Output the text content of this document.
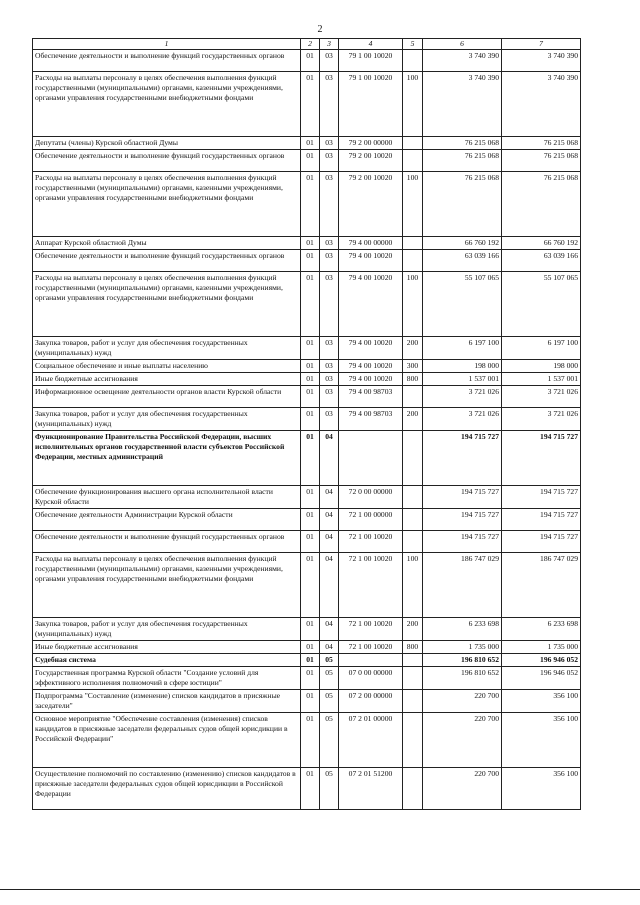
2
1	2	3	4	5	6	7
Обеспечение деятельности и выполнение функций государственных органов	01	03	79 1 00 10020		3 740 390	3 740 390
Расходы на выплаты персоналу в целях обеспечения выполнения функций государственными (муниципальными) органами, казенными учреждениями, органами управления государственными внебюджетными фондами	01	03	79 1 00 10020	100	3 740 390	3 740 390
Депутаты (члены) Курской областной Думы	01	03	79 2 00 00000		76 215 068	76 215 068
Обеспечение деятельности и выполнение функций государственных органов	01	03	79 2 00 10020		76 215 068	76 215 068
Расходы на выплаты персоналу в целях обеспечения выполнения функций государственными (муниципальными) органами, казенными учреждениями, органами управления государственными внебюджетными фондами	01	03	79 2 00 10020	100	76 215 068	76 215 068
Аппарат Курской областной Думы	01	03	79 4 00 00000		66 760 192	66 760 192
Обеспечение деятельности и выполнение функций государственных органов	01	03	79 4 00 10020		63 039 166	63 039 166
Расходы на выплаты персоналу в целях обеспечения выполнения функций государственными (муниципальными) органами, казенными учреждениями, органами управления государственными внебюджетными фондами	01	03	79 4 00 10020	100	55 107 065	55 107 065
Закупка товаров, работ и услуг для обеспечения государственных (муниципальных) нужд	01	03	79 4 00 10020	200	6 197 100	6 197 100
Социальное обеспечение и иные выплаты населению	01	03	79 4 00 10020	300	198 000	198 000
Иные бюджетные ассигнования	01	03	79 4 00 10020	800	1 537 001	1 537 001
Информационное освещение деятельности органов власти Курской области	01	03	79 4 00 98703		3 721 026	3 721 026
Закупка товаров, работ и услуг для обеспечения государственных (муниципальных) нужд	01	03	79 4 00 98703	200	3 721 026	3 721 026
Функционирование Правительства Российской Федерации, высших исполнительных органов государственной власти субъектов Российской Федерации, местных администраций	01	04			194 715 727	194 715 727
Обеспечение функционирования высшего органа исполнительной власти Курской области	01	04	72 0 00 00000		194 715 727	194 715 727
Обеспечение деятельности Администрации Курской области	01	04	72 1 00 00000		194 715 727	194 715 727
Обеспечение деятельности и выполнение функций государственных органов	01	04	72 1 00 10020		194 715 727	194 715 727
Расходы на выплаты персоналу в целях обеспечения выполнения функций государственными (муниципальными) органами, казенными учреждениями, органами управления государственными внебюджетными фондами	01	04	72 1 00 10020	100	186 747 029	186 747 029
Закупка товаров, работ и услуг для обеспечения государственных (муниципальных) нужд	01	04	72 1 00 10020	200	6 233 698	6 233 698
Иные бюджетные ассигнования	01	04	72 1 00 10020	800	1 735 000	1 735 000
Судебная система	01	05			196 810 652	196 946 052
Государственная программа Курской области "Создание условий для эффективного исполнения полномочий в сфере юстиции"	01	05	07 0 00 00000		196 810 652	196 946 052
Подпрограмма "Составление (изменение) списков кандидатов в присяжные заседатели"	01	05	07 2 00 00000		220 700	356 100
Основное мероприятие "Обеспечение составления (изменения) списков кандидатов в присяжные заседатели федеральных судов общей юрисдикции в Российской Федерации"	01	05	07 2 01 00000		220 700	356 100
Осуществление полномочий по составлению (изменению) списков кандидатов в присяжные заседатели федеральных судов общей юрисдикции в Российской Федерации	01	05	07 2 01 51200		220 700	356 100
